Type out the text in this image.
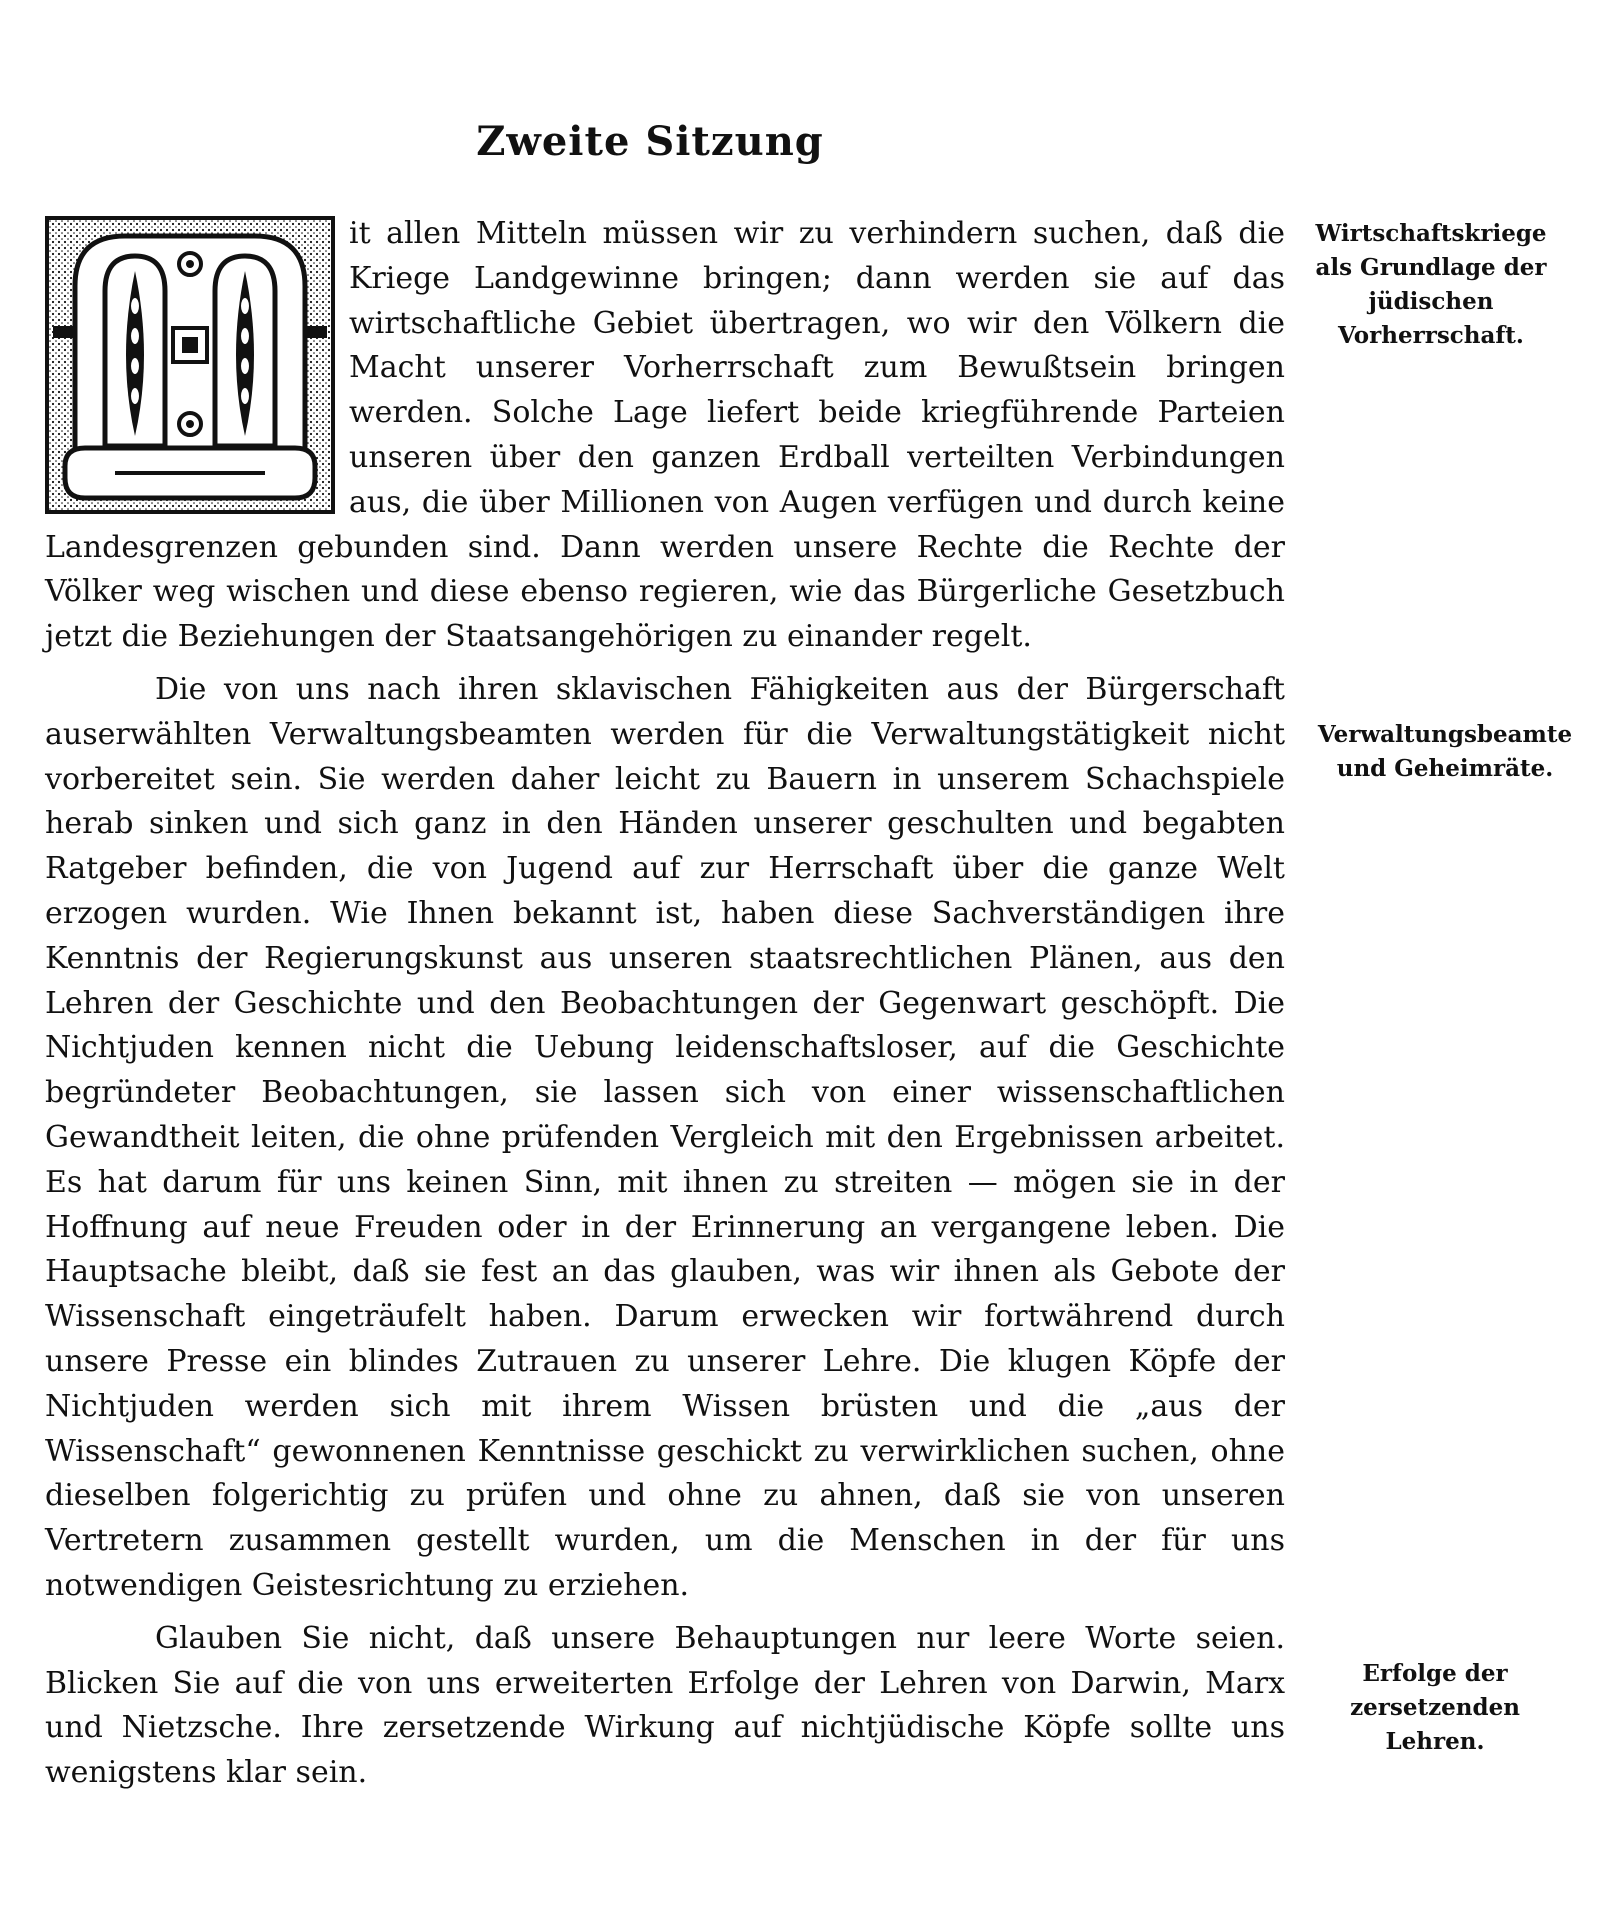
Zweite Sitzung

it allen Mitteln müssen wir zu verhindern suchen, daß die Kriege Landgewinne bringen; dann werden sie auf das wirtschaftliche Gebiet übertragen, wo wir den Völkern die Macht unserer Vorherrschaft zum Bewußtsein bringen werden. Solche Lage liefert beide kriegführende Parteien unseren über den ganzen Erdball verteilten Verbindungen aus, die über Millionen von Augen verfügen und durch keine Landesgrenzen gebunden sind. Dann werden unsere Rechte die Rechte der Völker weg wischen und diese ebenso regieren, wie das Bürgerliche Gesetzbuch jetzt die Beziehungen der Staatsangehörigen zu einander regelt.

Die von uns nach ihren sklavischen Fähigkeiten aus der Bürgerschaft auserwählten Verwaltungsbeamten werden für die Verwaltungstätigkeit nicht vorbereitet sein. Sie werden daher leicht zu Bauern in unserem Schachspiele herab sinken und sich ganz in den Händen unserer geschulten und begabten Ratgeber befinden, die von Jugend auf zur Herrschaft über die ganze Welt erzogen wurden. Wie Ihnen bekannt ist, haben diese Sachverständigen ihre Kenntnis der Regierungskunst aus unseren staatsrechtlichen Plänen, aus den Lehren der Geschichte und den Beobachtungen der Gegenwart geschöpft. Die Nichtjuden kennen nicht die Uebung leidenschaftsloser, auf die Geschichte begründeter Beobachtungen, sie lassen sich von einer wissenschaftlichen Gewandtheit leiten, die ohne prüfenden Vergleich mit den Ergebnissen arbeitet. Es hat darum für uns keinen Sinn, mit ihnen zu streiten — mögen sie in der Hoffnung auf neue Freuden oder in der Erinnerung an vergangene leben. Die Hauptsache bleibt, daß sie fest an das glauben, was wir ihnen als Gebote der Wissenschaft eingeträufelt haben. Darum erwecken wir fortwährend durch unsere Presse ein blindes Zutrauen zu unserer Lehre. Die klugen Köpfe der Nichtjuden werden sich mit ihrem Wissen brüsten und die „aus der Wissenschaft“ gewonnenen Kenntnisse geschickt zu verwirklichen suchen, ohne dieselben folgerichtig zu prüfen und ohne zu ahnen, daß sie von unseren Vertretern zusammen gestellt wurden, um die Menschen in der für uns notwendigen Geistesrichtung zu erziehen.

Glauben Sie nicht, daß unsere Behauptungen nur leere Worte seien. Blicken Sie auf die von uns erweiterten Erfolge der Lehren von Darwin, Marx und Nietzsche. Ihre zersetzende Wirkung auf nichtjüdische Köpfe sollte uns wenigstens klar sein.

Wirtschaftskriege als Grundlage der jüdischen Vorherrschaft.
Verwaltungsbeamte und Geheimräte.
Erfolge der zersetzenden Lehren.
